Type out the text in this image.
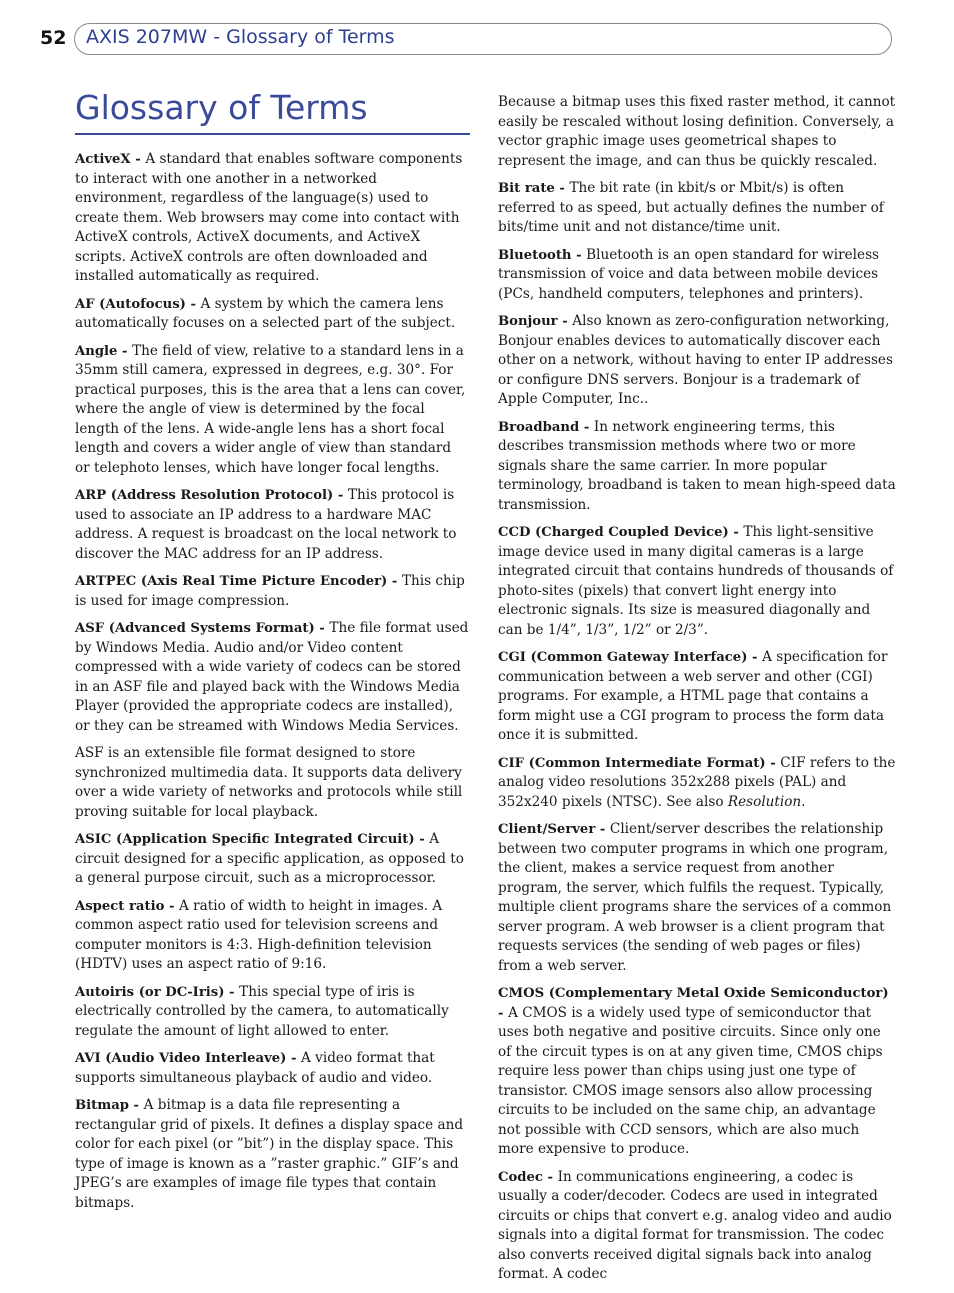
52 AXIS 207MW - Glossary of Terms
Glossary of Terms

ActiveX - A standard that enables software components to interact with one another in a networked environment, regardless of the language(s) used to create them. Web browsers may come into contact with ActiveX controls, ActiveX documents, and ActiveX scripts. ActiveX controls are often downloaded and installed automatically as required.

AF (Autofocus) - A system by which the camera lens automatically focuses on a selected part of the subject.

Angle - The field of view, relative to a standard lens in a 35mm still camera, expressed in degrees, e.g. 30°. For practical purposes, this is the area that a lens can cover, where the angle of view is determined by the focal length of the lens. A wide-angle lens has a short focal length and covers a wider angle of view than standard or telephoto lenses, which have longer focal lengths.

ARP (Address Resolution Protocol) - This protocol is used to associate an IP address to a hardware MAC address. A request is broadcast on the local network to discover the MAC address for an IP address.

ARTPEC (Axis Real Time Picture Encoder) - This chip is used for image compression.

ASF (Advanced Systems Format) - The file format used by Windows Media. Audio and/or Video content compressed with a wide variety of codecs can be stored in an ASF file and played back with the Windows Media Player (provided the appropriate codecs are installed), or they can be streamed with Windows Media Services.

ASF is an extensible file format designed to store synchronized multimedia data. It supports data delivery over a wide variety of networks and protocols while still proving suitable for local playback.

ASIC (Application Specific Integrated Circuit) - A circuit designed for a specific application, as opposed to a general purpose circuit, such as a microprocessor.

Aspect ratio - A ratio of width to height in images. A common aspect ratio used for television screens and computer monitors is 4:3. High-definition television (HDTV) uses an aspect ratio of 9:16.

Autoiris (or DC-Iris) - This special type of iris is electrically controlled by the camera, to automatically regulate the amount of light allowed to enter.

AVI (Audio Video Interleave) - A video format that supports simultaneous playback of audio and video.

Bitmap - A bitmap is a data file representing a rectangular grid of pixels. It defines a display space and color for each pixel (or ”bit”) in the display space. This type of image is known as a ”raster graphic.” GIF’s and JPEG’s are examples of image file types that contain bitmaps.

Because a bitmap uses this fixed raster method, it cannot easily be rescaled without losing definition. Conversely, a vector graphic image uses geometrical shapes to represent the image, and can thus be quickly rescaled.

Bit rate - The bit rate (in kbit/s or Mbit/s) is often referred to as speed, but actually defines the number of bits/time unit and not distance/time unit.

Bluetooth - Bluetooth is an open standard for wireless transmission of voice and data between mobile devices (PCs, handheld computers, telephones and printers).

Bonjour - Also known as zero-configuration networking, Bonjour enables devices to automatically discover each other on a network, without having to enter IP addresses or configure DNS servers. Bonjour is a trademark of Apple Computer, Inc..

Broadband - In network engineering terms, this describes transmission methods where two or more signals share the same carrier. In more popular terminology, broadband is taken to mean high-speed data transmission.

CCD (Charged Coupled Device) - This light-sensitive image device used in many digital cameras is a large integrated circuit that contains hundreds of thousands of photo-sites (pixels) that convert light energy into electronic signals. Its size is measured diagonally and can be 1/4”, 1/3”, 1/2” or 2/3”.

CGI (Common Gateway Interface) - A specification for communication between a web server and other (CGI) programs. For example, a HTML page that contains a form might use a CGI program to process the form data once it is submitted.

CIF (Common Intermediate Format) - CIF refers to the analog video resolutions 352x288 pixels (PAL) and 352x240 pixels (NTSC). See also Resolution.

Client/Server - Client/server describes the relationship between two computer programs in which one program, the client, makes a service request from another program, the server, which fulfils the request. Typically, multiple client programs share the services of a common server program. A web browser is a client program that requests services (the sending of web pages or files) from a web server.

CMOS (Complementary Metal Oxide Semiconductor) - A CMOS is a widely used type of semiconductor that uses both negative and positive circuits. Since only one of the circuit types is on at any given time, CMOS chips require less power than chips using just one type of transistor. CMOS image sensors also allow processing circuits to be included on the same chip, an advantage not possible with CCD sensors, which are also much more expensive to produce.

Codec - In communications engineering, a codec is usually a coder/decoder. Codecs are used in integrated circuits or chips that convert e.g. analog video and audio signals into a digital format for transmission. The codec also converts received digital signals back into analog format. A codec
